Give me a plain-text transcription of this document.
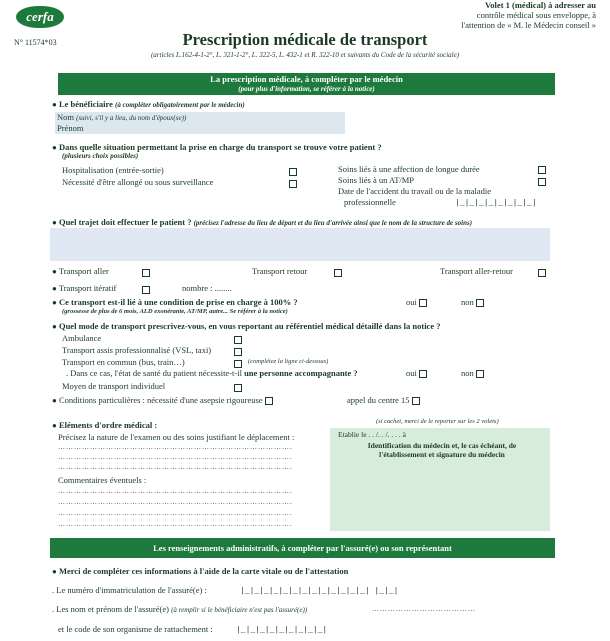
cerfa
N° 11574*03
Volet 1 (médical) à adresser au
contrôle médical sous enveloppe, à
l'attention de « M. le Médecin conseil »
Prescription médicale de transport
(articles L.162-4-1-2°, L. 321-1-2°, L. 322-5, L. 432-1 et R. 322-10 et suivants du Code de la sécurité sociale)
La prescription médicale, à compléter par le médecin
(pour plus d'information, se référer à la notice)
● Le bénéficiaire (à compléter obligatoirement par le médecin)
Nom (suivi, s'il y a lieu, du nom d'époux(se))
Prénom
● Dans quelle situation permettant la prise en charge du transport se trouve votre patient ?
(plusieurs choix possibles)
Hospitalisation (entrée-sortie)
Nécessité d'être allongé ou sous surveillance
Soins liés à une affection de longue durée
Soins liés à un AT/MP
Date de l'accident du travail ou de la maladie
professionnelle	|_|_|_|_|_|_|_|_|
● Quel trajet doit effectuer le patient ? (précisez l'adresse du lieu de départ et du lieu d'arrivée ainsi que le nom de la structure de soins)
● Transport aller	Transport retour	Transport aller-retour
● Transport itératif	nombre : ........
● Ce transport est-il lié à une condition de prise en charge à 100% ?
(grossesse de plus de 6 mois, ALD exonérante, AT/MP, autre... Se référer à la notice)
oui	non
● Quel mode de transport prescrivez-vous, en vous reportant au référentiel médical détaillé dans la notice ?
Ambulance
Transport assis professionnalisé (VSL, taxi)
Transport en commun (bus, train…)	(complétez la ligne ci-dessous)
. Dans ce cas, l'état de santé du patient nécessite-t-il une personne accompagnante ?	oui	non
Moyen de transport individuel
● Conditions particulières : nécessité d'une asepsie rigoureuse	appel du centre 15
● Eléments d'ordre médical :
Précisez la nature de l'examen ou des soins justifiant le déplacement :
…………………………………………………………………………….
…………………………………………………………………………….
…………………………………………………………………………….
Commentaires éventuels :
…………………………………………………………………………….
…………………………………………………………………………….
…………………………………………………………………………….
…………………………………………………………………………….
(si cachet, merci de le reporter sur les 2 volets)
Etablie le . . /. . /. . . . à
Identification du médecin et, le cas échéant, de
l'établissement et signature du médecin
Les renseignements administratifs, à compléter par l'assuré(e) ou son représentant
● Merci de compléter ces informations à l'aide de la carte vitale ou de l'attestation
. Le numéro d'immatriculation de l'assuré(e) :	|_|_|_|_|_|_|_|_|_|_|_|_|_| |_|_|
. Les nom et prénom de l'assuré(e) (à remplir si le bénéficiaire n'est pas l'assuré(e))	…………………………………
et le code de son organisme de rattachement :	|_|_|_|_|_|_|_|_|_|
